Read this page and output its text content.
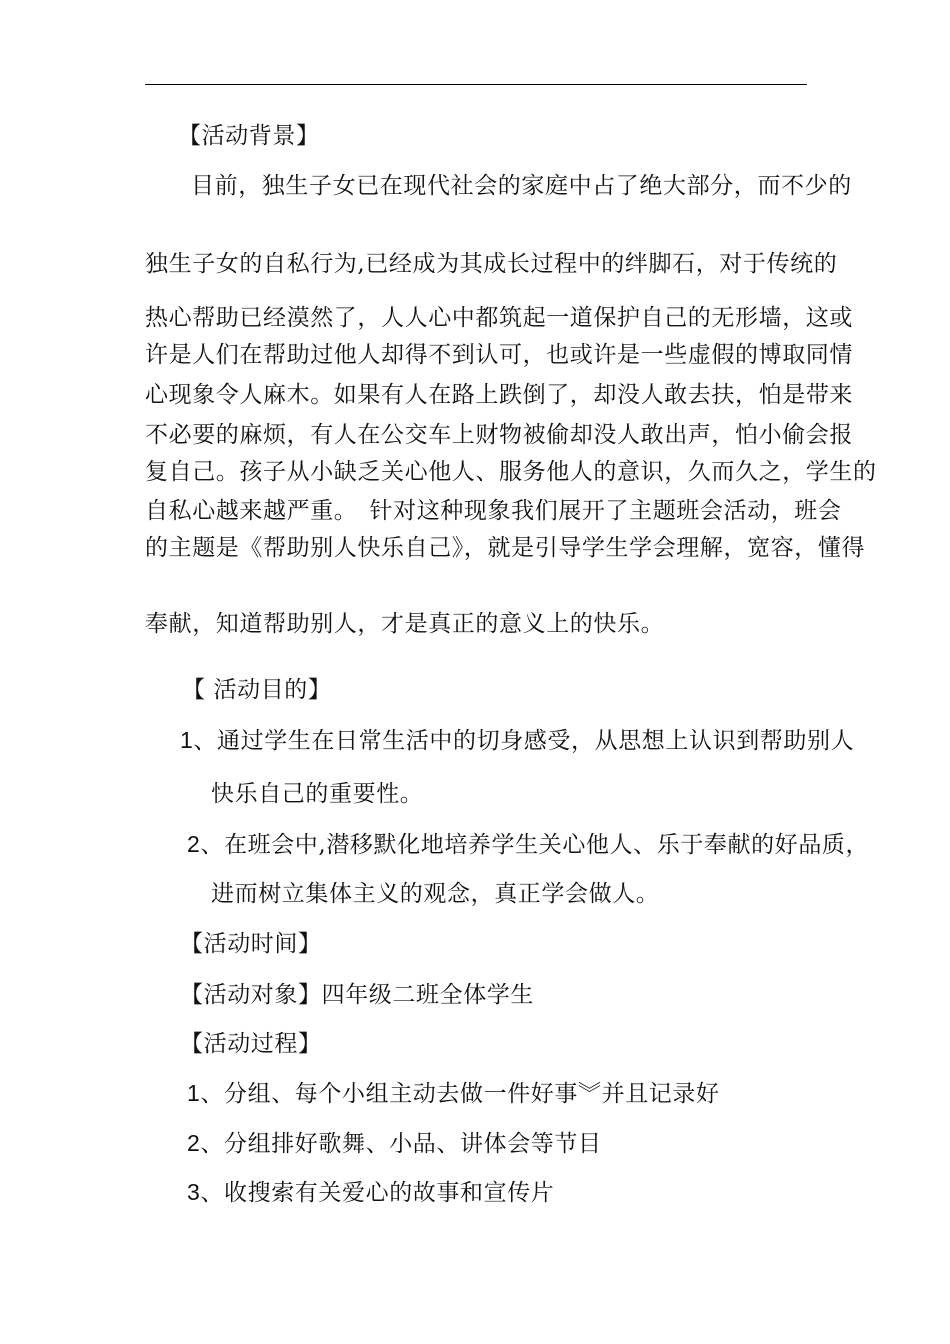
【活动背景】

目前，独生子女已在现代社会的家庭中占了绝大部分，而不少的

独生子女的自私行为,已经成为其成长过程中的绊脚石，对于传统的

热心帮助已经漠然了，人人心中都筑起一道保护自己的无形墙，这或

许是人们在帮助过他人却得不到认可，也或许是一些虚假的博取同情

心现象令人麻木。如果有人在路上跌倒了，却没人敢去扶，怕是带来

不必要的麻烦，有人在公交车上财物被偷却没人敢出声，怕小偷会报

复自己。孩子从小缺乏关心他人、服务他人的意识，久而久之，学生的

自私心越来越严重。　针对这种现象我们展开了主题班会活动，班会

的主题是《帮助别人快乐自己》，就是引导学生学会理解，宽容，懂得

奉献，知道帮助别人，才是真正的意义上的快乐。

【 活动目的】

1、通过学生在日常生活中的切身感受，从思想上认识到帮助别人

快乐自己的重要性。

2、在班会中,潜移默化地培养学生关心他人、乐于奉献的好品质，

进而树立集体主义的观念，真正学会做人。

【活动时间】

【活动对象】四年级二班全体学生

【活动过程】

1、分组、每个小组主动去做一件好事︾并且记录好

2、分组排好歌舞、小品、讲体会等节目

3、收搜索有关爱心的故事和宣传片
